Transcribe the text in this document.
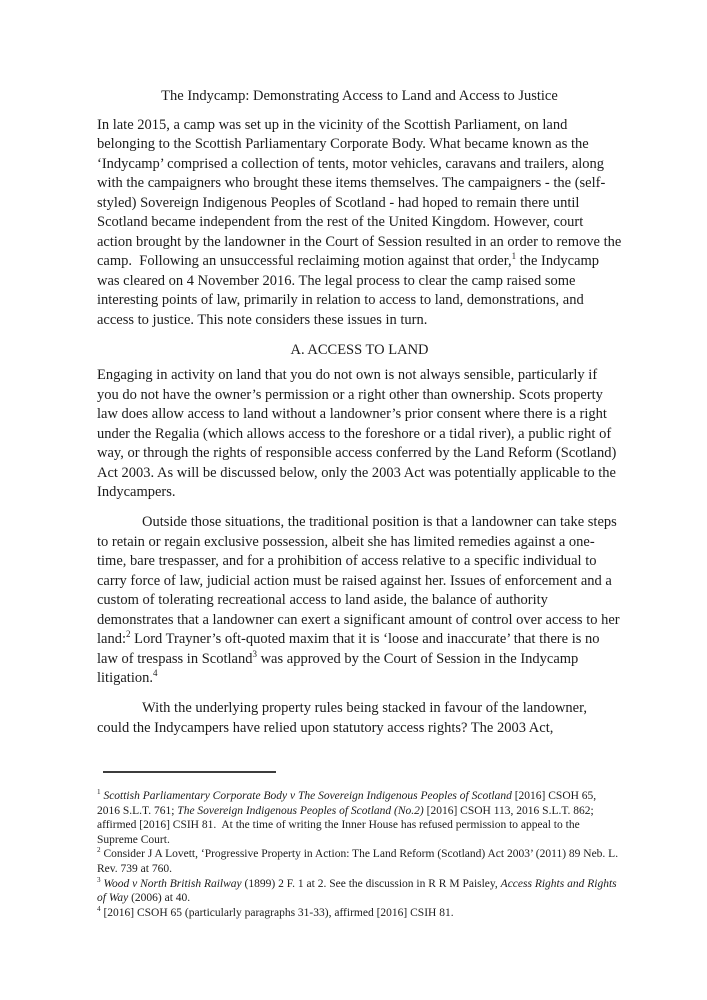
The Indycamp: Demonstrating Access to Land and Access to Justice

In late 2015, a camp was set up in the vicinity of the Scottish Parliament, on land belonging to the Scottish Parliamentary Corporate Body. What became known as the ‘Indycamp’ comprised a collection of tents, motor vehicles, caravans and trailers, along with the campaigners who brought these items themselves. The campaigners - the (self-styled) Sovereign Indigenous Peoples of Scotland - had hoped to remain there until Scotland became independent from the rest of the United Kingdom. However, court action brought by the landowner in the Court of Session resulted in an order to remove the camp.  Following an unsuccessful reclaiming motion against that order,$^1$ the Indycamp was cleared on 4 November 2016. The legal process to clear the camp raised some interesting points of law, primarily in relation to access to land, demonstrations, and access to justice. This note considers these issues in turn.

A. ACCESS TO LAND

Engaging in activity on land that you do not own is not always sensible, particularly if you do not have the owner’s permission or a right other than ownership. Scots property law does allow access to land without a landowner’s prior consent where there is a right under the Regalia (which allows access to the foreshore or a tidal river), a public right of way, or through the rights of responsible access conferred by the Land Reform (Scotland) Act 2003. As will be discussed below, only the 2003 Act was potentially applicable to the Indycampers.

Outside those situations, the traditional position is that a landowner can take steps to retain or regain exclusive possession, albeit she has limited remedies against a one-time, bare trespasser, and for a prohibition of access relative to a specific individual to carry force of law, judicial action must be raised against her. Issues of enforcement and a custom of tolerating recreational access to land aside, the balance of authority demonstrates that a landowner can exert a significant amount of control over access to her land:$^2$ Lord Trayner’s oft-quoted maxim that it is ‘loose and inaccurate’ that there is no law of trespass in Scotland$^3$ was approved by the Court of Session in the Indycamp litigation.$^4$

With the underlying property rules being stacked in favour of the landowner, could the Indycampers have relied upon statutory access rights? The 2003 Act,

$^1$ Scottish Parliamentary Corporate Body v The Sovereign Indigenous Peoples of Scotland [2016] CSOH 65, 2016 S.L.T. 761; The Sovereign Indigenous Peoples of Scotland (No.2) [2016] CSOH 113, 2016 S.L.T. 862; affirmed [2016] CSIH 81.  At the time of writing the Inner House has refused permission to appeal to the Supreme Court.

$^2$ Consider J A Lovett, ‘Progressive Property in Action: The Land Reform (Scotland) Act 2003’ (2011) 89 Neb. L. Rev. 739 at 760.

$^3$ Wood v North British Railway (1899) 2 F. 1 at 2. See the discussion in R R M Paisley, Access Rights and Rights of Way (2006) at 40.

$^4$ [2016] CSOH 65 (particularly paragraphs 31-33), affirmed [2016] CSIH 81.
